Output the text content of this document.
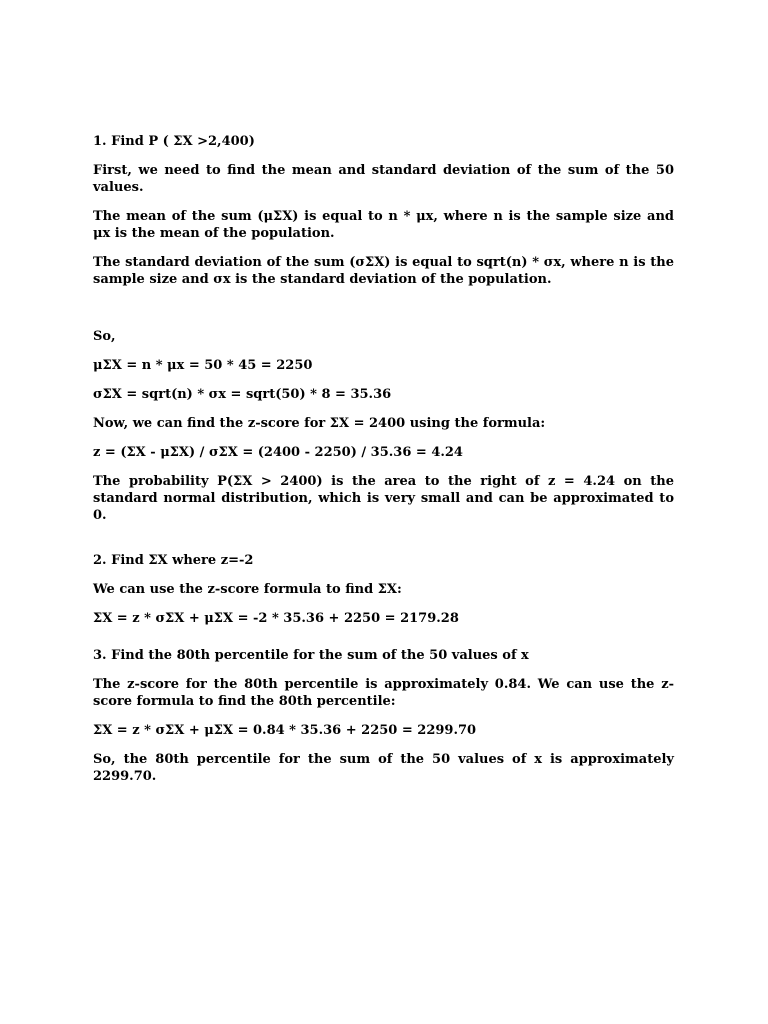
1. Find P ( ΣX >2,400)

First, we need to find the mean and standard deviation of the sum of the 50 values.

The mean of the sum (μΣX) is equal to n * μx, where n is the sample size and μx is the mean of the population.

The standard deviation of the sum (σΣX) is equal to sqrt(n) * σx, where n is the sample size and σx is the standard deviation of the population.

So,

μΣX = n * μx = 50 * 45 = 2250

σΣX = sqrt(n) * σx = sqrt(50) * 8 = 35.36

Now, we can find the z-score for ΣX = 2400 using the formula:

z = (ΣX - μΣX) / σΣX = (2400 - 2250) / 35.36 = 4.24

The probability P(ΣX > 2400) is the area to the right of z = 4.24 on the standard normal distribution, which is very small and can be approximated to 0.

2. Find ΣX where z=-2

We can use the z-score formula to find ΣX:

ΣX = z * σΣX + μΣX = -2 * 35.36 + 2250 = 2179.28

3. Find the 80th percentile for the sum of the 50 values of x

The z-score for the 80th percentile is approximately 0.84. We can use the z-score formula to find the 80th percentile:

ΣX = z * σΣX + μΣX = 0.84 * 35.36 + 2250 = 2299.70

So, the 80th percentile for the sum of the 50 values of x is approximately 2299.70.
